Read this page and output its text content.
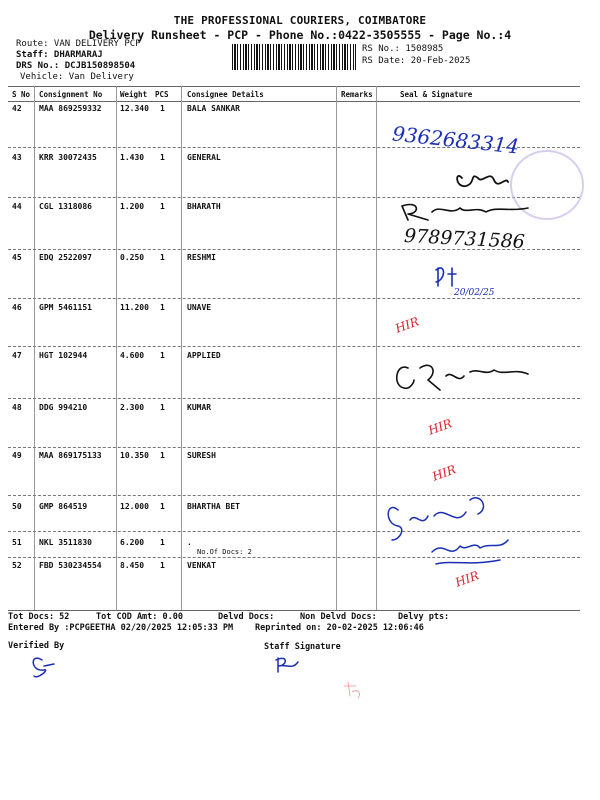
THE PROFESSIONAL COURIERS, COIMBATORE
Delivery Runsheet - PCP - Phone No.:0422-3505555 - Page No.:4
Route: VAN DELIVERY PCP
Staff: DHARMARAJ
DRS No.: DCJB150898504
Vehicle: Van Delivery
RS No.: 1508985
RS Date: 20-Feb-2025
S No Consignment No Weight PCS Consignee Details	Remarks	Seal & Signature
42 MAA 869259332 12.340 1	BALA SANKAR
43 KRR 30072435	1.430 1	GENERAL
44 CGL 1318086	1.200 1	BHARATH
45 EDQ 2522097	0.250 1	RESHMI
46 GPM 5461151	11.200 1	UNAVE
47 HGT 102944	4.600 1	APPLIED
48 DDG 994210	2.300 1	KUMAR
49 MAA 869175133 10.350 1	SURESH
50 GMP 864519	12.000 1	BHARTHA BET
51 NKL 3511830	6.200 1	.
No.Of Docs: 2
52 FBD 530234554 8.450 1	VENKAT
Tot Docs: 52	Tot COD Amt: 0.00	Delvd Docs:	Non Delvd Docs: Delvy pts:
Entered By :PCPGEETHA 02/20/2025 12:05:33 PM	Reprinted on: 20-02-2025 12:06:46
Verified By	Staff Signature
9362683314
9789731586
20/02/25
HIR
HIR
HIR
HIR
